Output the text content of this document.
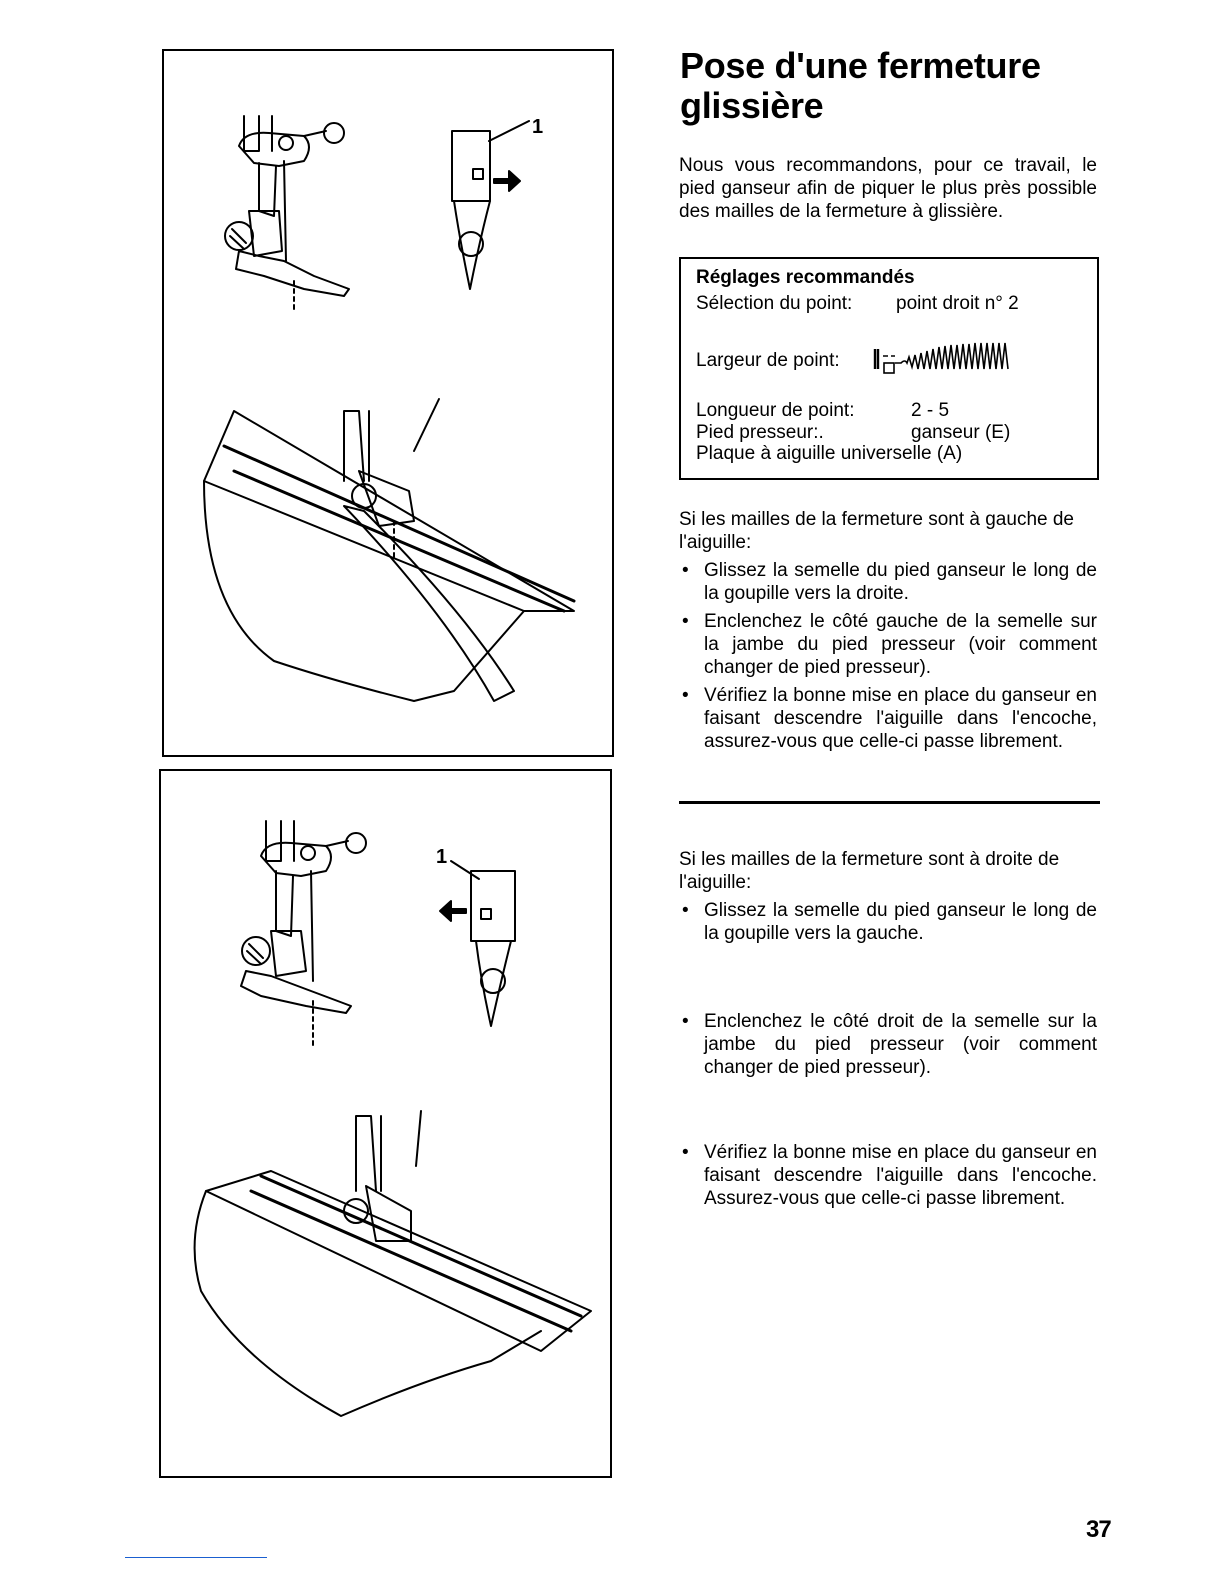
1
1
Pose d'une fermeture glissière
Nous vous recommandons, pour ce travail, le pied ganseur afin de piquer le plus près possible des mailles de la fermeture à glissière.
Réglages recommandés
Sélection du point: point droit n° 2
Largeur de point:
Longueur de point:	2 - 5
Pied presseur:.	ganseur (E)
Plaque à aiguille universelle (A)
Si les mailles de la fermeture sont à gauche de l'aiguille:
• Glissez la semelle du pied ganseur le long de la goupille vers la droite.
• Enclenchez le côté gauche de la semelle sur la jambe du pied presseur (voir comment changer de pied presseur).
• Vérifiez la bonne mise en place du ganseur en faisant descendre l'aiguille dans l'encoche, assurez-vous que celle-ci passe librement.
Si les mailles de la fermeture sont à droite de l'aiguille:
• Glissez la semelle du pied ganseur le long de la goupille vers la gauche.
• Enclenchez le côté droit de la semelle sur la jambe du pied presseur (voir comment changer de pied presseur).
• Vérifiez la bonne mise en place du ganseur en faisant descendre l'aiguille dans l'encoche. Assurez-vous que celle-ci passe librement.
37
